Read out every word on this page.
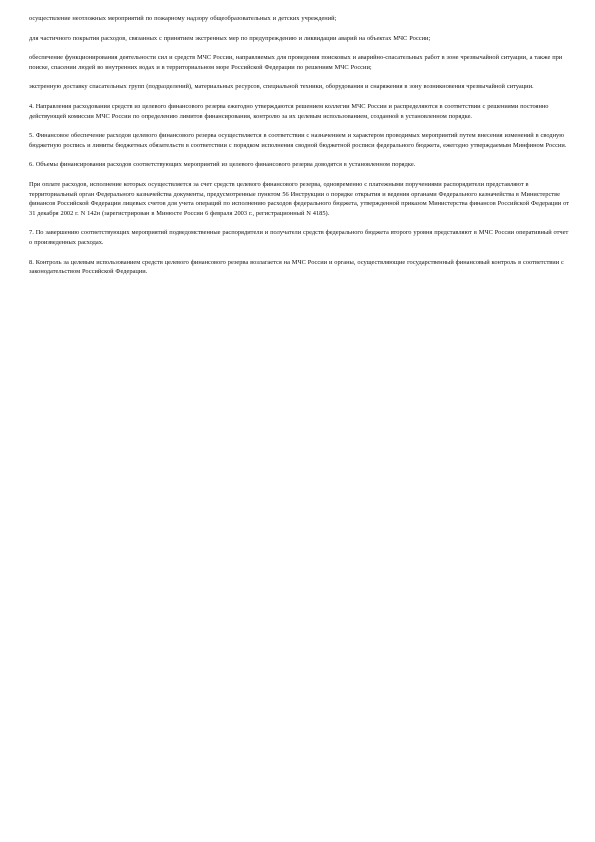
осуществление неотложных мероприятий по пожарному надзору общеобразовательных и детских учреждений;

для частичного покрытия расходов, связанных с принятием экстренных мер по предупреждению и ликвидации аварий на объектах МЧС России;

обеспечение функционирования деятельности сил и средств МЧС России, направляемых для проведения поисковых и аварийно-спасательных работ в зоне чрезвычайной ситуации, а также при поиске, спасении людей во внутренних водах и в территориальном море Российской Федерации по решениям МЧС России;

экстренную доставку спасательных групп (подразделений), материальных ресурсов, специальной техники, оборудования и снаряжения в зону возникновения чрезвычайной ситуации.

4. Направления расходования средств из целевого финансового резерва ежегодно утверждаются решением коллегии МЧС России и распределяются в соответствии с решениями постоянно действующей комиссии МЧС России по определению лимитов финансирования, контролю за их целевым использованием, созданной в установленном порядке.

5. Финансовое обеспечение расходов целевого финансового резерва осуществляется в соответствии с назначением и характером проводимых мероприятий путем внесения изменений в сводную бюджетную роспись и лимиты бюджетных обязательств в соответствии с порядком исполнения сводной бюджетной росписи федерального бюджета, ежегодно утверждаемым Минфином России.

6. Объемы финансирования расходов соответствующих мероприятий из целевого финансового резерва доводятся в установленном порядке.

При оплате расходов, исполнение которых осуществляется за счет средств целевого финансового резерва, одновременно с платежными поручениями распорядители представляют в территориальный орган Федерального казначейства документы, предусмотренные пунктом 56 Инструкции о порядке открытия и ведения органами Федерального казначейства в Министерстве финансов Российской Федерации лицевых счетов для учета операций по исполнению расходов федерального бюджета, утвержденной приказом Министерства финансов Российской Федерации от 31 декабря 2002 г. N 142н (зарегистрирован в Минюсте России 6 февраля 2003 г., регистрационный N 4185).

7. По завершению соответствующих мероприятий подведомственные распорядители и получатели средств федерального бюджета второго уровня представляют в МЧС России оперативный отчет о произведенных расходах.

8. Контроль за целевым использованием средств целевого финансового резерва возлагается на МЧС России и органы, осуществляющие государственный финансовый контроль в соответствии с законодательством Российской Федерации.
